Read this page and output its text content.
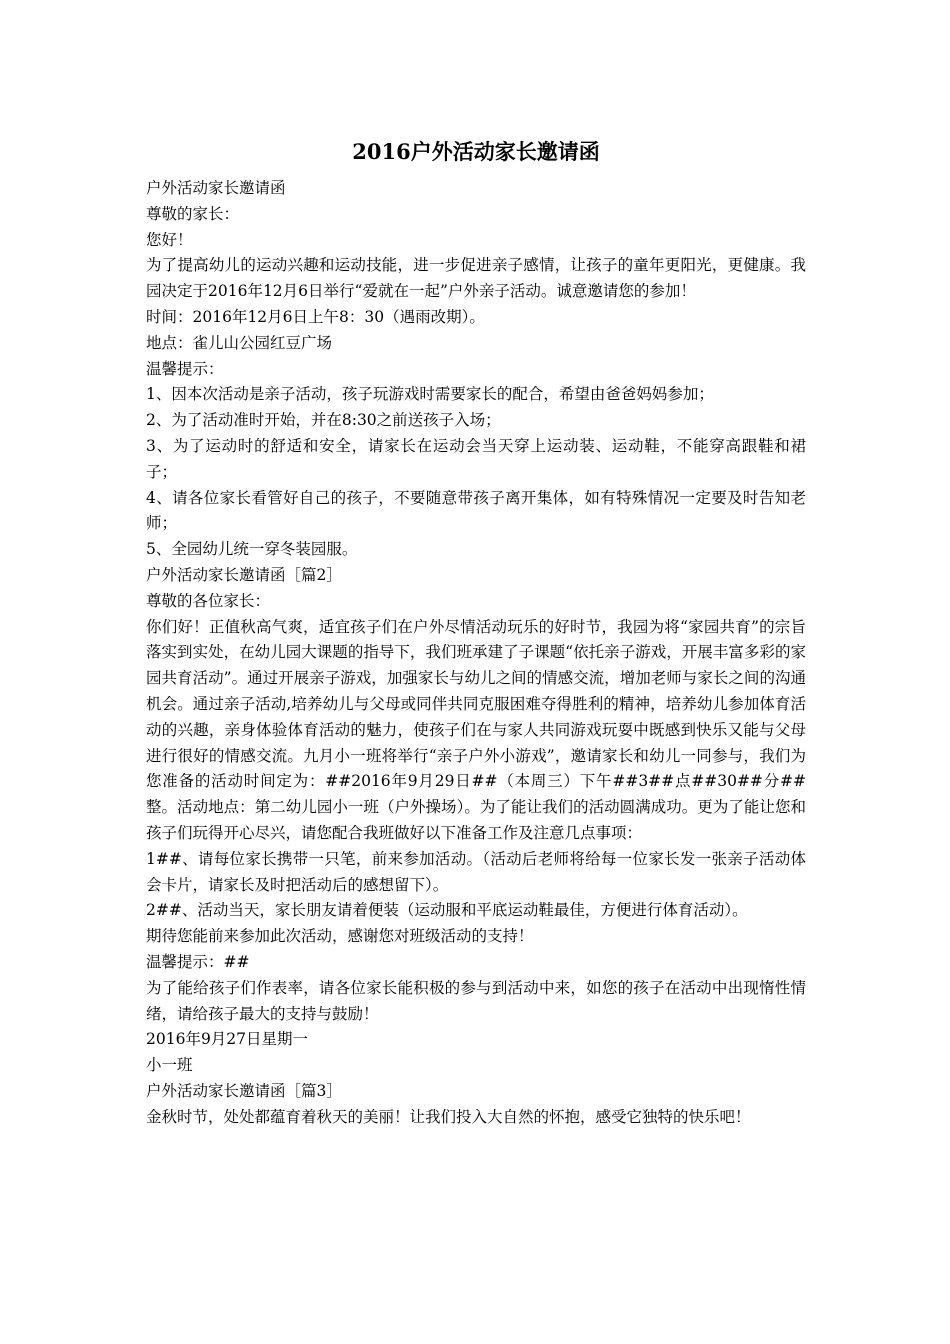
2016户外活动家长邀请函

户外活动家长邀请函

尊敬的家长：

您好！

为了提高幼儿的运动兴趣和运动技能，进一步促进亲子感情，让孩子的童年更阳光，更健康。我园决定于2016年12月6日举行“爱就在一起”户外亲子活动。诚意邀请您的参加！

时间：2016年12月6日上午8：30（遇雨改期）。

地点：雀儿山公园红豆广场

温馨提示：

1、因本次活动是亲子活动，孩子玩游戏时需要家长的配合，希望由爸爸妈妈参加；

2、为了活动准时开始，并在8:30之前送孩子入场；

3、为了运动时的舒适和安全，请家长在运动会当天穿上运动装、运动鞋，不能穿高跟鞋和裙子；

4、请各位家长看管好自己的孩子，不要随意带孩子离开集体，如有特殊情况一定要及时告知老师；

5、全园幼儿统一穿冬装园服。

户外活动家长邀请函［篇2］

尊敬的各位家长：

你们好！正值秋高气爽，适宜孩子们在户外尽情活动玩乐的好时节，我园为将“家园共育”的宗旨落实到实处，在幼儿园大课题的指导下，我们班承建了子课题“依托亲子游戏，开展丰富多彩的家园共育活动”。通过开展亲子游戏，加强家长与幼儿之间的情感交流，增加老师与家长之间的沟通机会。通过亲子活动,培养幼儿与父母或同伴共同克服困难夺得胜利的精神，培养幼儿参加体育活动的兴趣，亲身体验体育活动的魅力，使孩子们在与家人共同游戏玩耍中既感到快乐又能与父母进行很好的情感交流。九月小一班将举行“亲子户外小游戏”，邀请家长和幼儿一同参与，我们为您准备的活动时间定为：##2016年9月29日##（本周三）下午##3##点##30##分##整。活动地点：第二幼儿园小一班（户外操场）。为了能让我们的活动圆满成功。更为了能让您和孩子们玩得开心尽兴，请您配合我班做好以下准备工作及注意几点事项：

1##、请每位家长携带一只笔，前来参加活动。（活动后老师将给每一位家长发一张亲子活动体会卡片，请家长及时把活动后的感想留下）。

2##、活动当天，家长朋友请着便装（运动服和平底运动鞋最佳，方便进行体育活动）。

期待您能前来参加此次活动，感谢您对班级活动的支持！

温馨提示：##

为了能给孩子们作表率，请各位家长能积极的参与到活动中来，如您的孩子在活动中出现惰性情绪，请给孩子最大的支持与鼓励！

2016年9月27日星期一

小一班

户外活动家长邀请函［篇3］

金秋时节，处处都蕴育着秋天的美丽！让我们投入大自然的怀抱，感受它独特的快乐吧！
